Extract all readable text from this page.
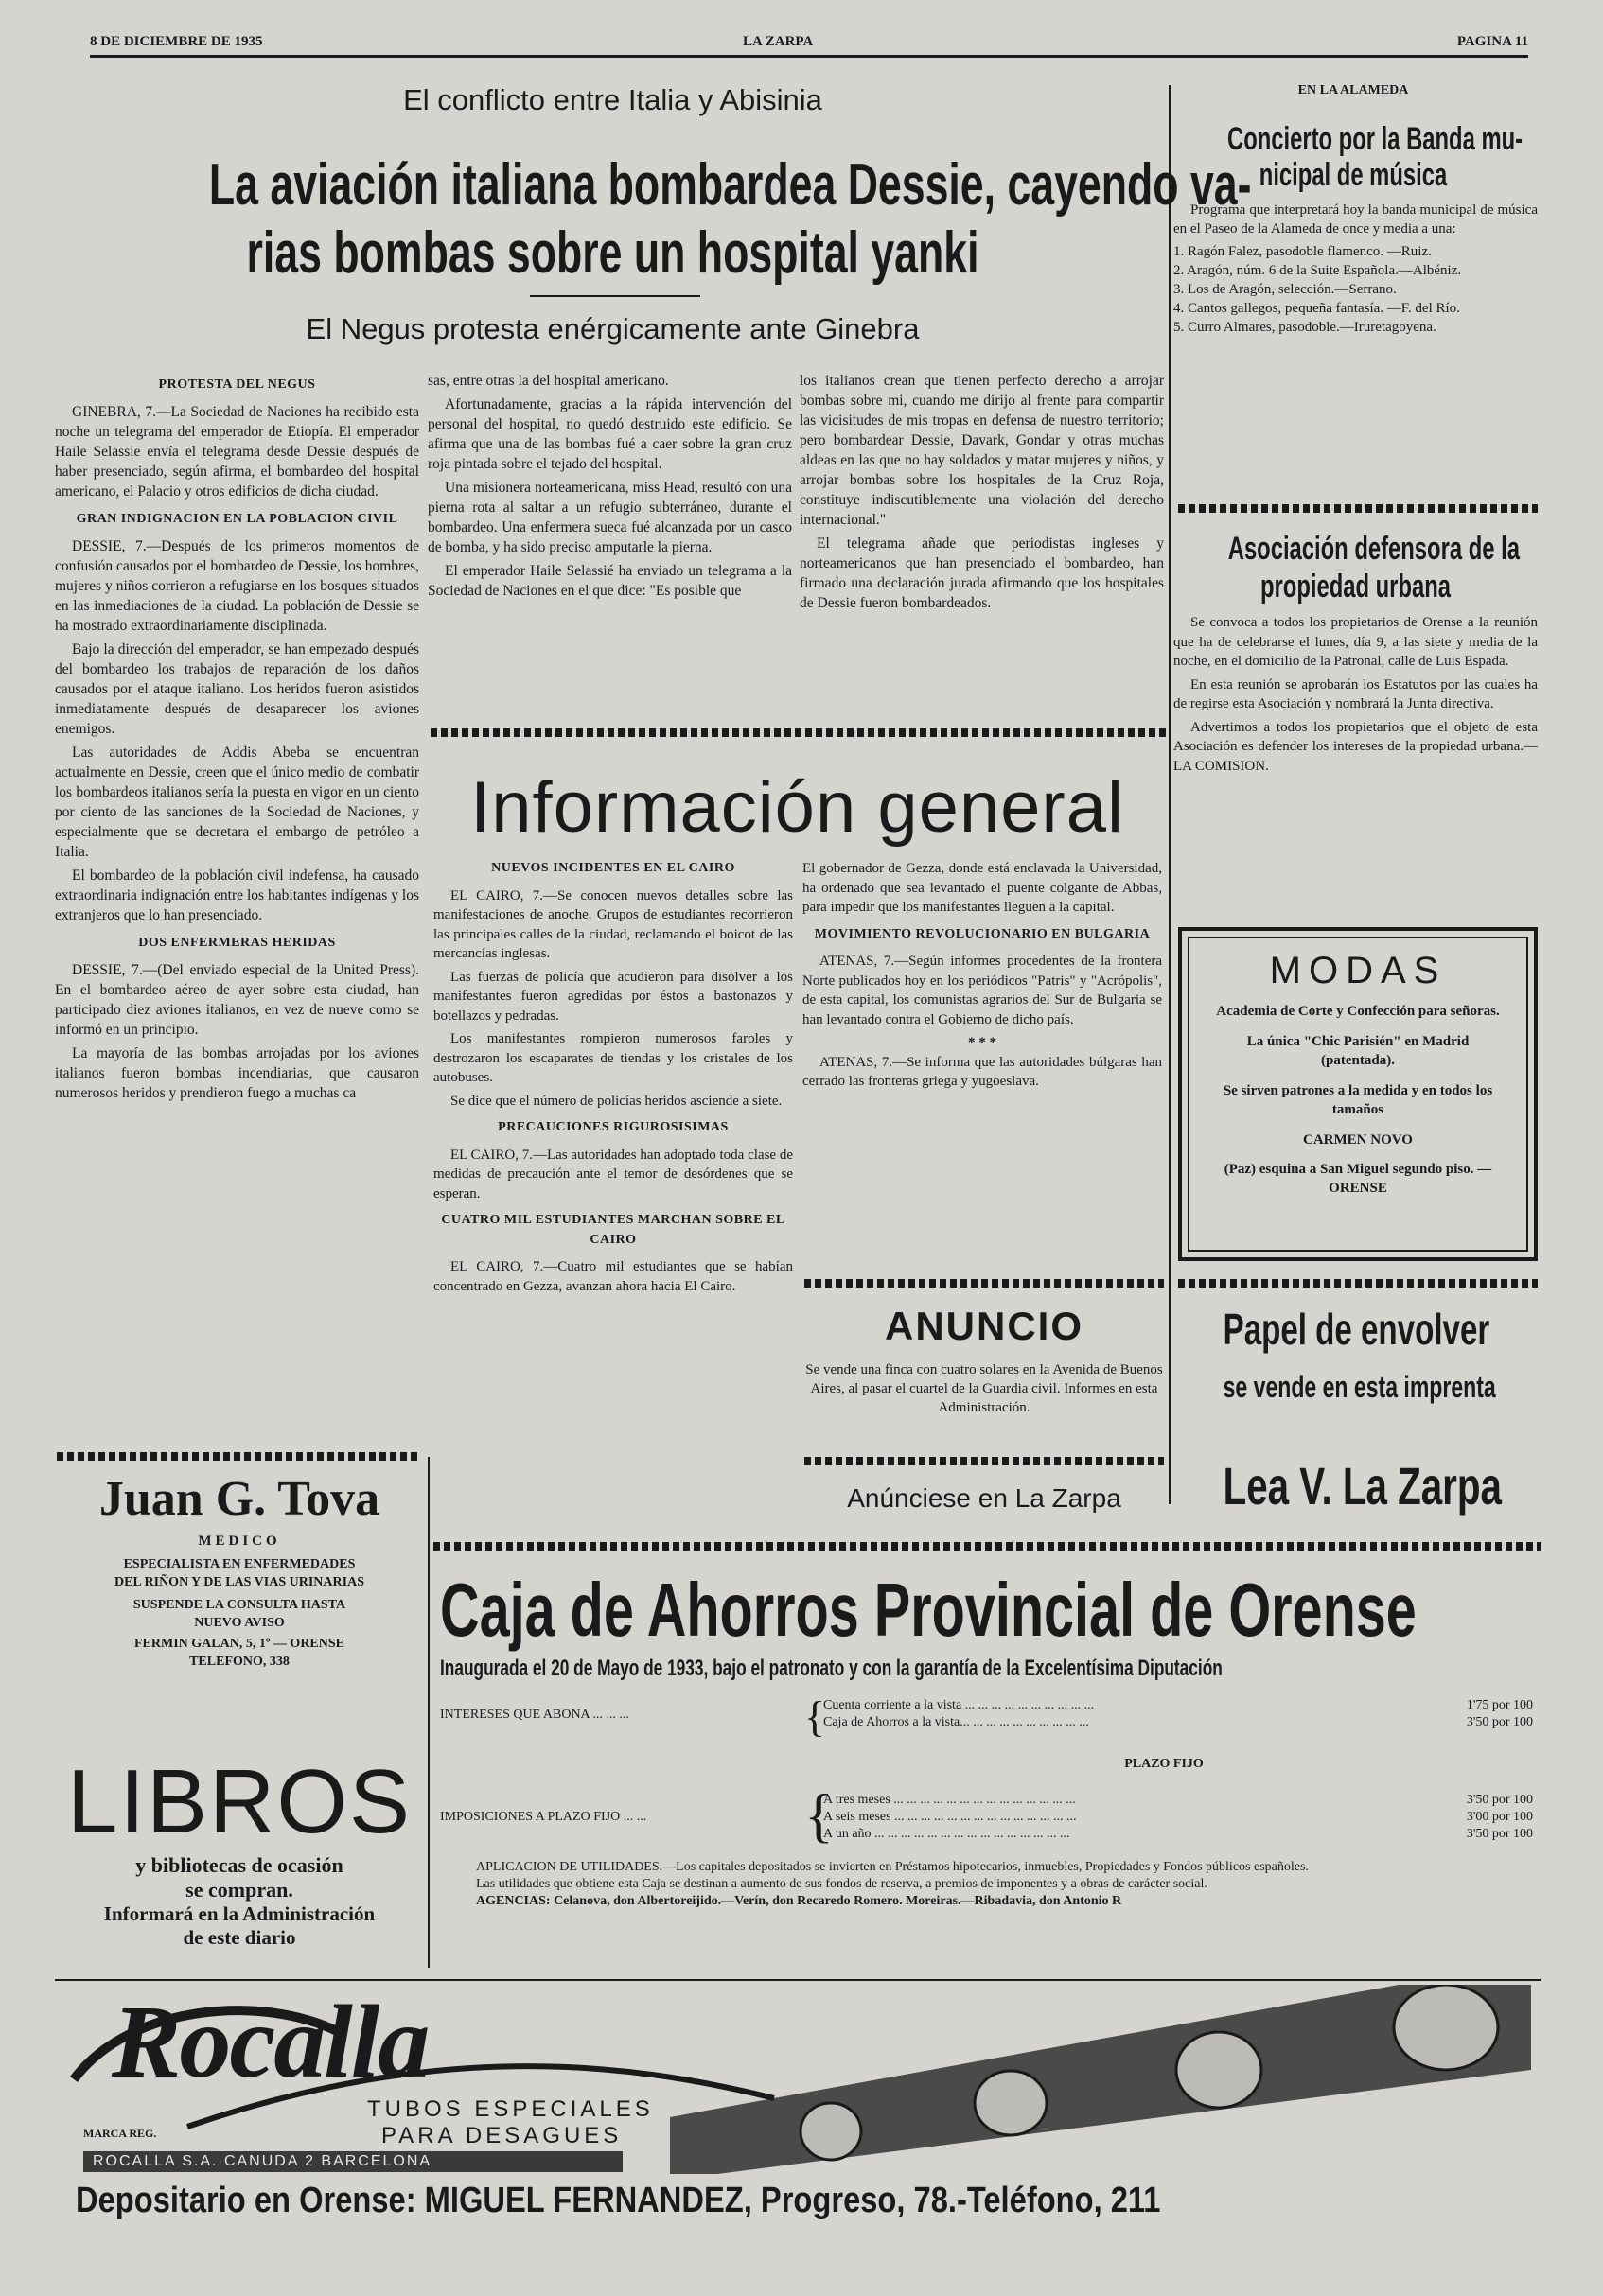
8 DE DICIEMBRE DE 1935	LA ZARPA	PAGINA 11
El conflicto entre Italia y Abisinia
La aviación italiana bombardea Dessie, cayendo va-
rias bombas sobre un hospital yanki
El Negus protesta enérgicamente ante Ginebra
PROTESTA DEL NEGUS

GINEBRA, 7.—La Sociedad de Naciones ha recibido esta noche un telegrama del emperador de Etiopía. El emperador Haile Selassie envía el telegrama desde Dessie después de haber presenciado, según afirma, el bombardeo del hospital americano, el Palacio y otros edificios de dicha ciudad.

GRAN INDIGNACION EN LA POBLACION CIVIL

DESSIE, 7.—Después de los primeros momentos de confusión causados por el bombardeo de Dessie, los hombres, mujeres y niños corrieron a refugiarse en los bosques situados en las inmediaciones de la ciudad. La población de Dessie se ha mostrado extraordinariamente disciplinada.

Bajo la dirección del emperador, se han empezado después del bombardeo los trabajos de reparación de los daños causados por el ataque italiano. Los heridos fueron asistidos inmediatamente después de desaparecer los aviones enemigos.

Las autoridades de Addis Abeba se encuentran actualmente en Dessie, creen que el único medio de combatir los bombardeos italianos sería la puesta en vigor en un ciento por ciento de las sanciones de la Sociedad de Naciones, y especialmente que se decretara el embargo de petróleo a Italia.

El bombardeo de la población civil indefensa, ha causado extraordinaria indignación entre los habitantes indígenas y los extranjeros que lo han presenciado.

DOS ENFERMERAS HERIDAS

DESSIE, 7.—(Del enviado especial de la United Press). En el bombardeo aéreo de ayer sobre esta ciudad, han participado diez aviones italianos, en vez de nueve como se informó en un principio.

La mayoría de las bombas arrojadas por los aviones italianos fueron bombas incendiarias, que causaron numerosos heridos y prendieron fuego a muchas ca

sas, entre otras la del hospital americano.

Afortunadamente, gracias a la rápida intervención del personal del hospital, no quedó destruido este edificio. Se afirma que una de las bombas fué a caer sobre la gran cruz roja pintada sobre el tejado del hospital.

Una misionera norteamericana, miss Head, resultó con una pierna rota al saltar a un refugio subterráneo, durante el bombardeo. Una enfermera sueca fué alcanzada por un casco de bomba, y ha sido preciso amputarle la pierna.

El emperador Haile Selassié ha enviado un telegrama a la Sociedad de Naciones en el que dice: "Es posible que

los italianos crean que tienen perfecto derecho a arrojar bombas sobre mi, cuando me dirijo al frente para compartir las vicisitudes de mis tropas en defensa de nuestro territorio; pero bombardear Dessie, Davark, Gondar y otras muchas aldeas en las que no hay soldados y matar mujeres y niños, y arrojar bombas sobre los hospitales de la Cruz Roja, constituye indiscutiblemente una violación del derecho internacional."

El telegrama añade que periodistas ingleses y norteamericanos que han presenciado el bombardeo, han firmado una declaración jurada afirmando que los hospitales de Dessie fueron bombardeados.

EN LA ALAMEDA
Concierto por la Banda mu-
nicipal de música

Programa que interpretará hoy la banda municipal de música en el Paseo de la Alameda de once y media a una:

1. Ragón Falez, pasodoble flamenco. —Ruiz.
2. Aragón, núm. 6 de la Suite Española.—Albéniz.
3. Los de Aragón, selección.—Serrano.
4. Cantos gallegos, pequeña fantasía. —F. del Río.
5. Curro Almares, pasodoble.—Iruretagoyena.
Asociación defensora de la
propiedad urbana

Se convoca a todos los propietarios de Orense a la reunión que ha de celebrarse el lunes, día 9, a las siete y media de la noche, en el domicilio de la Patronal, calle de Luis Espada.

En esta reunión se aprobarán los Estatutos por las cuales ha de regirse esta Asociación y nombrará la Junta directiva.

Advertimos a todos los propietarios que el objeto de esta Asociación es defender los intereses de la propiedad urbana.—LA COMISION.

MODAS
Academia de Corte y Confección para señoras.
La única "Chic Parisién" en Madrid (patentada).
Se sirven patrones a la medida y en todos los tamaños
CARMEN NOVO
(Paz) esquina a San Miguel segundo piso. — ORENSE
Información general
NUEVOS INCIDENTES EN EL CAIRO

EL CAIRO, 7.—Se conocen nuevos detalles sobre las manifestaciones de anoche. Grupos de estudiantes recorrieron las principales calles de la ciudad, reclamando el boicot de las mercancías inglesas.

Las fuerzas de policía que acudieron para disolver a los manifestantes fueron agredidas por éstos a bastonazos y botellazos y pedradas.

Los manifestantes rompieron numerosos faroles y destrozaron los escaparates de tiendas y los cristales de los autobuses.

Se dice que el número de policías heridos asciende a siete.

PRECAUCIONES RIGUROSISIMAS

EL CAIRO, 7.—Las autoridades han adoptado toda clase de medidas de precaución ante el temor de desórdenes que se esperan.

CUATRO MIL ESTUDIANTES MARCHAN SOBRE EL CAIRO

EL CAIRO, 7.—Cuatro mil estudiantes que se habían concentrado en Gezza, avanzan ahora hacia El Cairo.

El gobernador de Gezza, donde está enclavada la Universidad, ha ordenado que sea levantado el puente colgante de Abbas, para impedir que los manifestantes lleguen a la capital.

MOVIMIENTO REVOLUCIONARIO EN BULGARIA

ATENAS, 7.—Según informes procedentes de la frontera Norte publicados hoy en los periódicos "Patris" y "Acrópolis", de esta capital, los comunistas agrarios del Sur de Bulgaria se han levantado contra el Gobierno de dicho país.

* * *

ATENAS, 7.—Se informa que las autoridades búlgaras han cerrado las fronteras griega y yugoeslava.

ANUNCIO
Se vende una finca con cuatro solares en la Avenida de Buenos Aires, al pasar el cuartel de la Guardia civil. Informes en esta Administración.
Anúnciese en La Zarpa
Papel de envolver
se vende en esta imprenta
Lea V. La Zarpa
Juan G. Tova
MEDICO
ESPECIALISTA EN ENFERMEDADES
DEL RIÑON Y DE LAS VIAS URINARIAS
SUSPENDE LA CONSULTA HASTA
NUEVO AVISO
FERMIN GALAN, 5, 1º — ORENSE
TELEFONO, 338
LIBROS
y bibliotecas de ocasión
se compran.
Informará en la Administración
de este diario
Caja de Ahorros Provincial de Orense
Inaugurada el 20 de Mayo de 1933, bajo el patronato y con la garantía de la Excelentísima Diputación
INTERESES QUE ABONA ... ... ...	{
Cuenta corriente a la vista ... ... ... ... ... ... ... ... ... ...	1'75 por 100
Caja de Ahorros a la vista... ... ... ... ... ... ... ... ... ...	3'50 por 100
PLAZO FIJO
IMPOSICIONES A PLAZO FIJO ... ...	{
A tres meses ... ... ... ... ... ... ... ... ... ... ... ... ... ...	3'50 por 100
A seis meses ... ... ... ... ... ... ... ... ... ... ... ... ... ...	3'00 por 100
A un año ... ... ... ... ... ... ... ... ... ... ... ... ... ... ...	3'50 por 100

APLICACION DE UTILIDADES.—Los capitales depositados se invierten en Préstamos hipotecarios, inmuebles, Propiedades y Fondos públicos españoles.

Las utilidades que obtiene esta Caja se destinan a aumento de sus fondos de reserva, a premios de imponentes y a obras de carácter social.

AGENCIAS: Celanova, don Albertoreijido.—Verín, don Recaredo Romero. Moreiras.—Ribadavia, don Antonio R

Rocalla
TUBOS ESPECIALES
PARA DESAGUES
MARCA REG.
ROCALLA S.A. CANUDA 2 BARCELONA
Depositario en Orense: MIGUEL FERNANDEZ, Progreso, 78.-Teléfono, 211
